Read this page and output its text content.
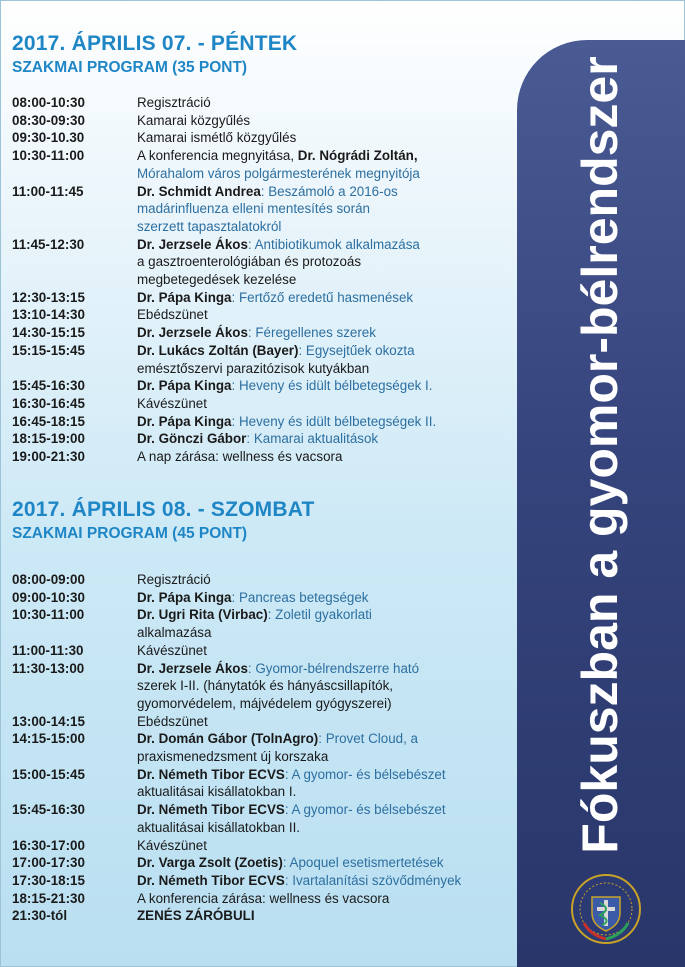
Fókuszban a gyomor-bélrendszer
2017. ÁPRILIS 07. - PÉNTEK
SZAKMAI PROGRAM (35 PONT)
08:00-10:30	Regisztráció
08:30-09:30	Kamarai közgyűlés
09:30-10.30	Kamarai ismétlő közgyűlés
10:30-11:00	A konferencia megnyitása, Dr. Nógrádi Zoltán,
Mórahalom város polgármesterének megnyitója
11:00-11:45	Dr. Schmidt Andrea: Beszámoló a 2016-os
madárinfluenza elleni mentesítés során
szerzett tapasztalatokról
11:45-12:30	Dr. Jerzsele Ákos: Antibiotikumok alkalmazása
a gasztroenterológiában és protozoás
megbetegedések kezelése
12:30-13:15	Dr. Pápa Kinga: Fertőző eredetű hasmenések
13:10-14:30	Ebédszünet
14:30-15:15	Dr. Jerzsele Ákos: Féregellenes szerek
15:15-15:45	Dr. Lukács Zoltán (Bayer): Egysejtűek okozta
emésztőszervi parazitózisok kutyákban
15:45-16:30	Dr. Pápa Kinga: Heveny és idült bélbetegségek I.
16:30-16:45	Kávészünet
16:45-18:15	Dr. Pápa Kinga: Heveny és idült bélbetegségek II.
18:15-19:00	Dr. Gönczi Gábor: Kamarai aktualitások
19:00-21:30	A nap zárása: wellness és vacsora
2017. ÁPRILIS 08. - SZOMBAT
SZAKMAI PROGRAM (45 PONT)
08:00-09:00	Regisztráció
09:00-10:30	Dr. Pápa Kinga: Pancreas betegségek
10:30-11:00	Dr. Ugri Rita (Virbac): Zoletil gyakorlati
alkalmazása
11:00-11:30	Kávészünet
11:30-13:00	Dr. Jerzsele Ákos: Gyomor-bélrendszerre ható
szerek I-II. (hánytatók és hányáscsillapítók,
gyomorvédelem, májvédelem gyógyszerei)
13:00-14:15	Ebédszünet
14:15-15:00	Dr. Domán Gábor (TolnAgro): Provet Cloud, a
praxismenedzsment új korszaka
15:00-15:45	Dr. Németh Tibor ECVS: A gyomor- és bélsebészet
aktualitásai kisállatokban I.
15:45-16:30	Dr. Németh Tibor ECVS: A gyomor- és bélsebészet
aktualitásai kisállatokban II.
16:30-17:00	Kávészünet
17:00-17:30	Dr. Varga Zsolt (Zoetis): Apoquel esetismertetések
17:30-18:15	Dr. Németh Tibor ECVS: Ivartalanítási szövődmények
18:15-21:30	A konferencia zárása: wellness és vacsora
21:30-tól	ZENÉS ZÁRÓBULI
